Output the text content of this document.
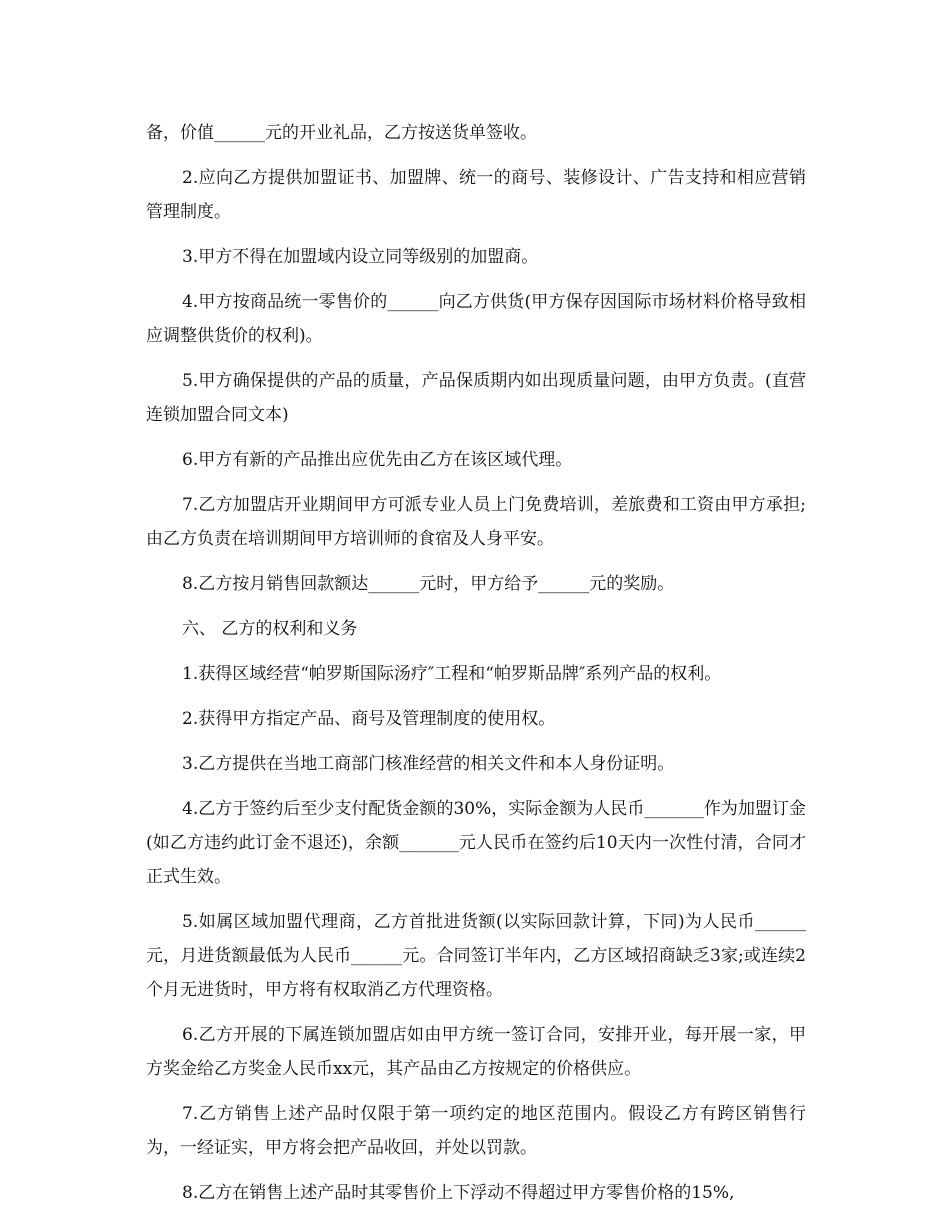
备，价值______元的开业礼品，乙方按送货单签收。

2.应向乙方提供加盟证书、加盟牌、统一的商号、装修设计、广告支持和相应营销管理制度。

3.甲方不得在加盟域内设立同等级别的加盟商。

4.甲方按商品统一零售价的______向乙方供货(甲方保存因国际市场材料价格导致相应调整供货价的权利)。

5.甲方确保提供的产品的质量，产品保质期内如出现质量问题，由甲方负责。(直营连锁加盟合同文本)

6.甲方有新的产品推出应优先由乙方在该区域代理。

7.乙方加盟店开业期间甲方可派专业人员上门免费培训，差旅费和工资由甲方承担;由乙方负责在培训期间甲方培训师的食宿及人身平安。

8.乙方按月销售回款额达______元时，甲方给予______元的奖励。

六、 乙方的权利和义务

1.获得区域经营“帕罗斯国际汤疗″工程和“帕罗斯品牌″系列产品的权利。

2.获得甲方指定产品、商号及管理制度的使用权。

3.乙方提供在当地工商部门核准经营的相关文件和本人身份证明。

4.乙方于签约后至少支付配货金额的30%，实际金额为人民币_______作为加盟订金(如乙方违约此订金不退还)，余额_______元人民币在签约后10天内一次性付清，合同才正式生效。

5.如属区域加盟代理商，乙方首批进货额(以实际回款计算，下同)为人民币______元，月进货额最低为人民币______元。合同签订半年内，乙方区域招商缺乏3家;或连续2个月无进货时，甲方将有权取消乙方代理资格。

6.乙方开展的下属连锁加盟店如由甲方统一签订合同，安排开业，每开展一家，甲方奖金给乙方奖金人民币xx元，其产品由乙方按规定的价格供应。

7.乙方销售上述产品时仅限于第一项约定的地区范围内。假设乙方有跨区销售行为，一经证实，甲方将会把产品收回，并处以罚款。

8.乙方在销售上述产品时其零售价上下浮动不得超过甲方零售价格的15%,
